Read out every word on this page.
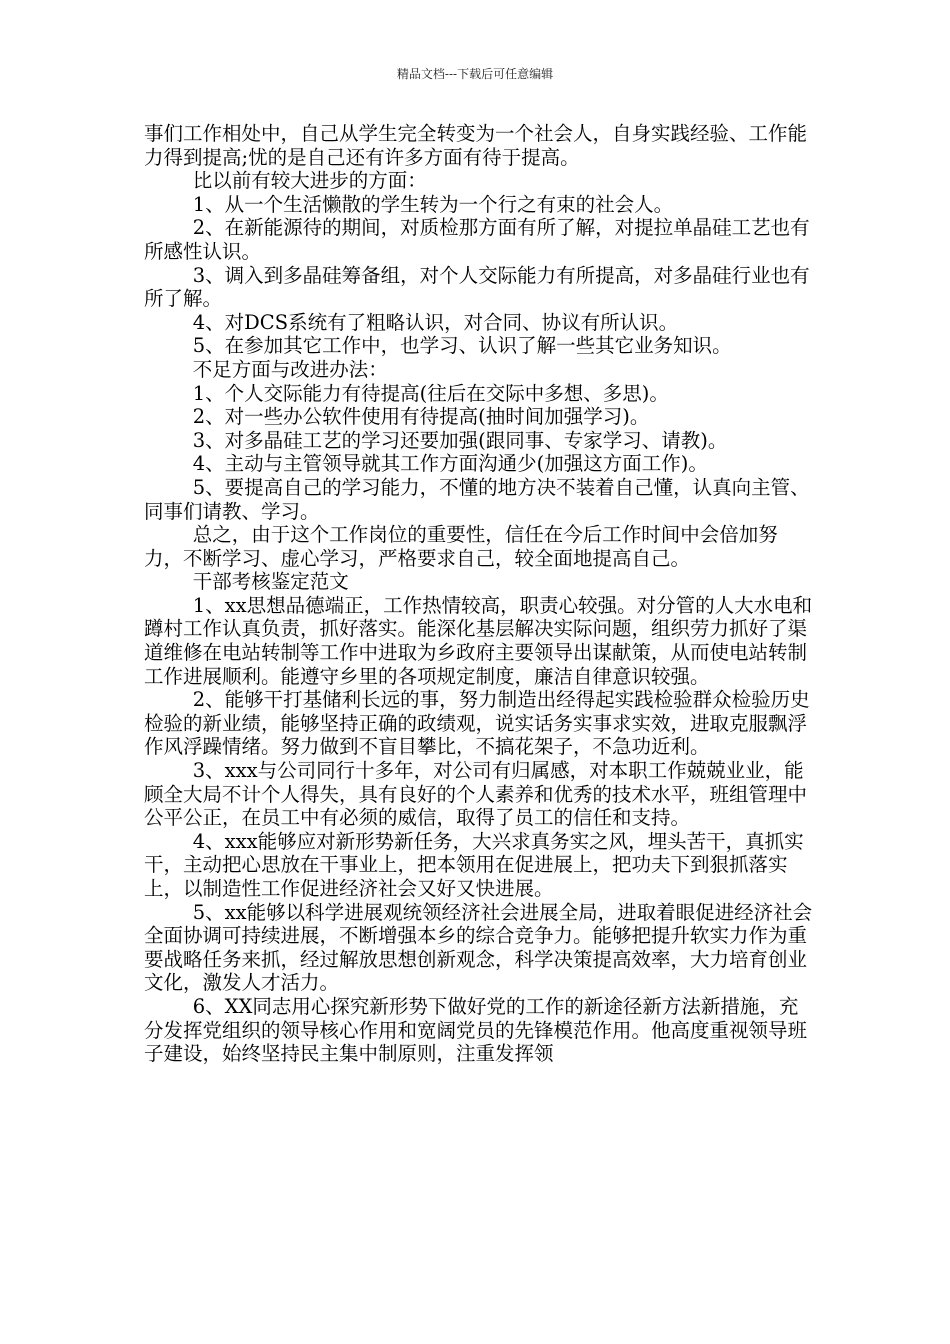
精品文档---下载后可任意编辑

事们工作相处中，自己从学生完全转变为一个社会人，自身实践经验、工作能力得到提高;忧的是自己还有许多方面有待于提高。

比以前有较大进步的方面：

1、从一个生活懒散的学生转为一个行之有束的社会人。

2、在新能源待的期间，对质检那方面有所了解，对提拉单晶硅工艺也有所感性认识。

3、调入到多晶硅筹备组，对个人交际能力有所提高，对多晶硅行业也有所了解。

4、对DCS系统有了粗略认识，对合同、协议有所认识。

5、在参加其它工作中，也学习、认识了解一些其它业务知识。

不足方面与改进办法：

1、个人交际能力有待提高(往后在交际中多想、多思)。

2、对一些办公软件使用有待提高(抽时间加强学习)。

3、对多晶硅工艺的学习还要加强(跟同事、专家学习、请教)。

4、主动与主管领导就其工作方面沟通少(加强这方面工作)。

5、要提高自己的学习能力，不懂的地方决不装着自己懂，认真向主管、同事们请教、学习。

总之，由于这个工作岗位的重要性，信任在今后工作时间中会倍加努力，不断学习、虚心学习，严格要求自己，较全面地提高自己。

干部考核鉴定范文

1、xx思想品德端正，工作热情较高，职责心较强。对分管的人大水电和蹲村工作认真负责，抓好落实。能深化基层解决实际问题，组织劳力抓好了渠道维修在电站转制等工作中进取为乡政府主要领导出谋献策，从而使电站转制工作进展顺利。能遵守乡里的各项规定制度，廉洁自律意识较强。

2、能够干打基储利长远的事，努力制造出经得起实践检验群众检验历史检验的新业绩，能够坚持正确的政绩观，说实话务实事求实效，进取克服飘浮作风浮躁情绪。努力做到不盲目攀比，不搞花架子，不急功近利。

3、xxx与公司同行十多年，对公司有归属感，对本职工作兢兢业业，能顾全大局不计个人得失，具有良好的个人素养和优秀的技术水平，班组管理中公平公正，在员工中有必须的威信，取得了员工的信任和支持。

4、xxx能够应对新形势新任务，大兴求真务实之风，埋头苦干，真抓实干，主动把心思放在干事业上，把本领用在促进展上，把功夫下到狠抓落实上，以制造性工作促进经济社会又好又快进展。

5、xx能够以科学进展观统领经济社会进展全局，进取着眼促进经济社会全面协调可持续进展，不断增强本乡的综合竞争力。能够把提升软实力作为重要战略任务来抓，经过解放思想创新观念，科学决策提高效率，大力培育创业文化，激发人才活力。

6、XX同志用心探究新形势下做好党的工作的新途径新方法新措施，充分发挥党组织的领导核心作用和宽阔党员的先锋模范作用。他高度重视领导班子建设，始终坚持民主集中制原则，注重发挥领
